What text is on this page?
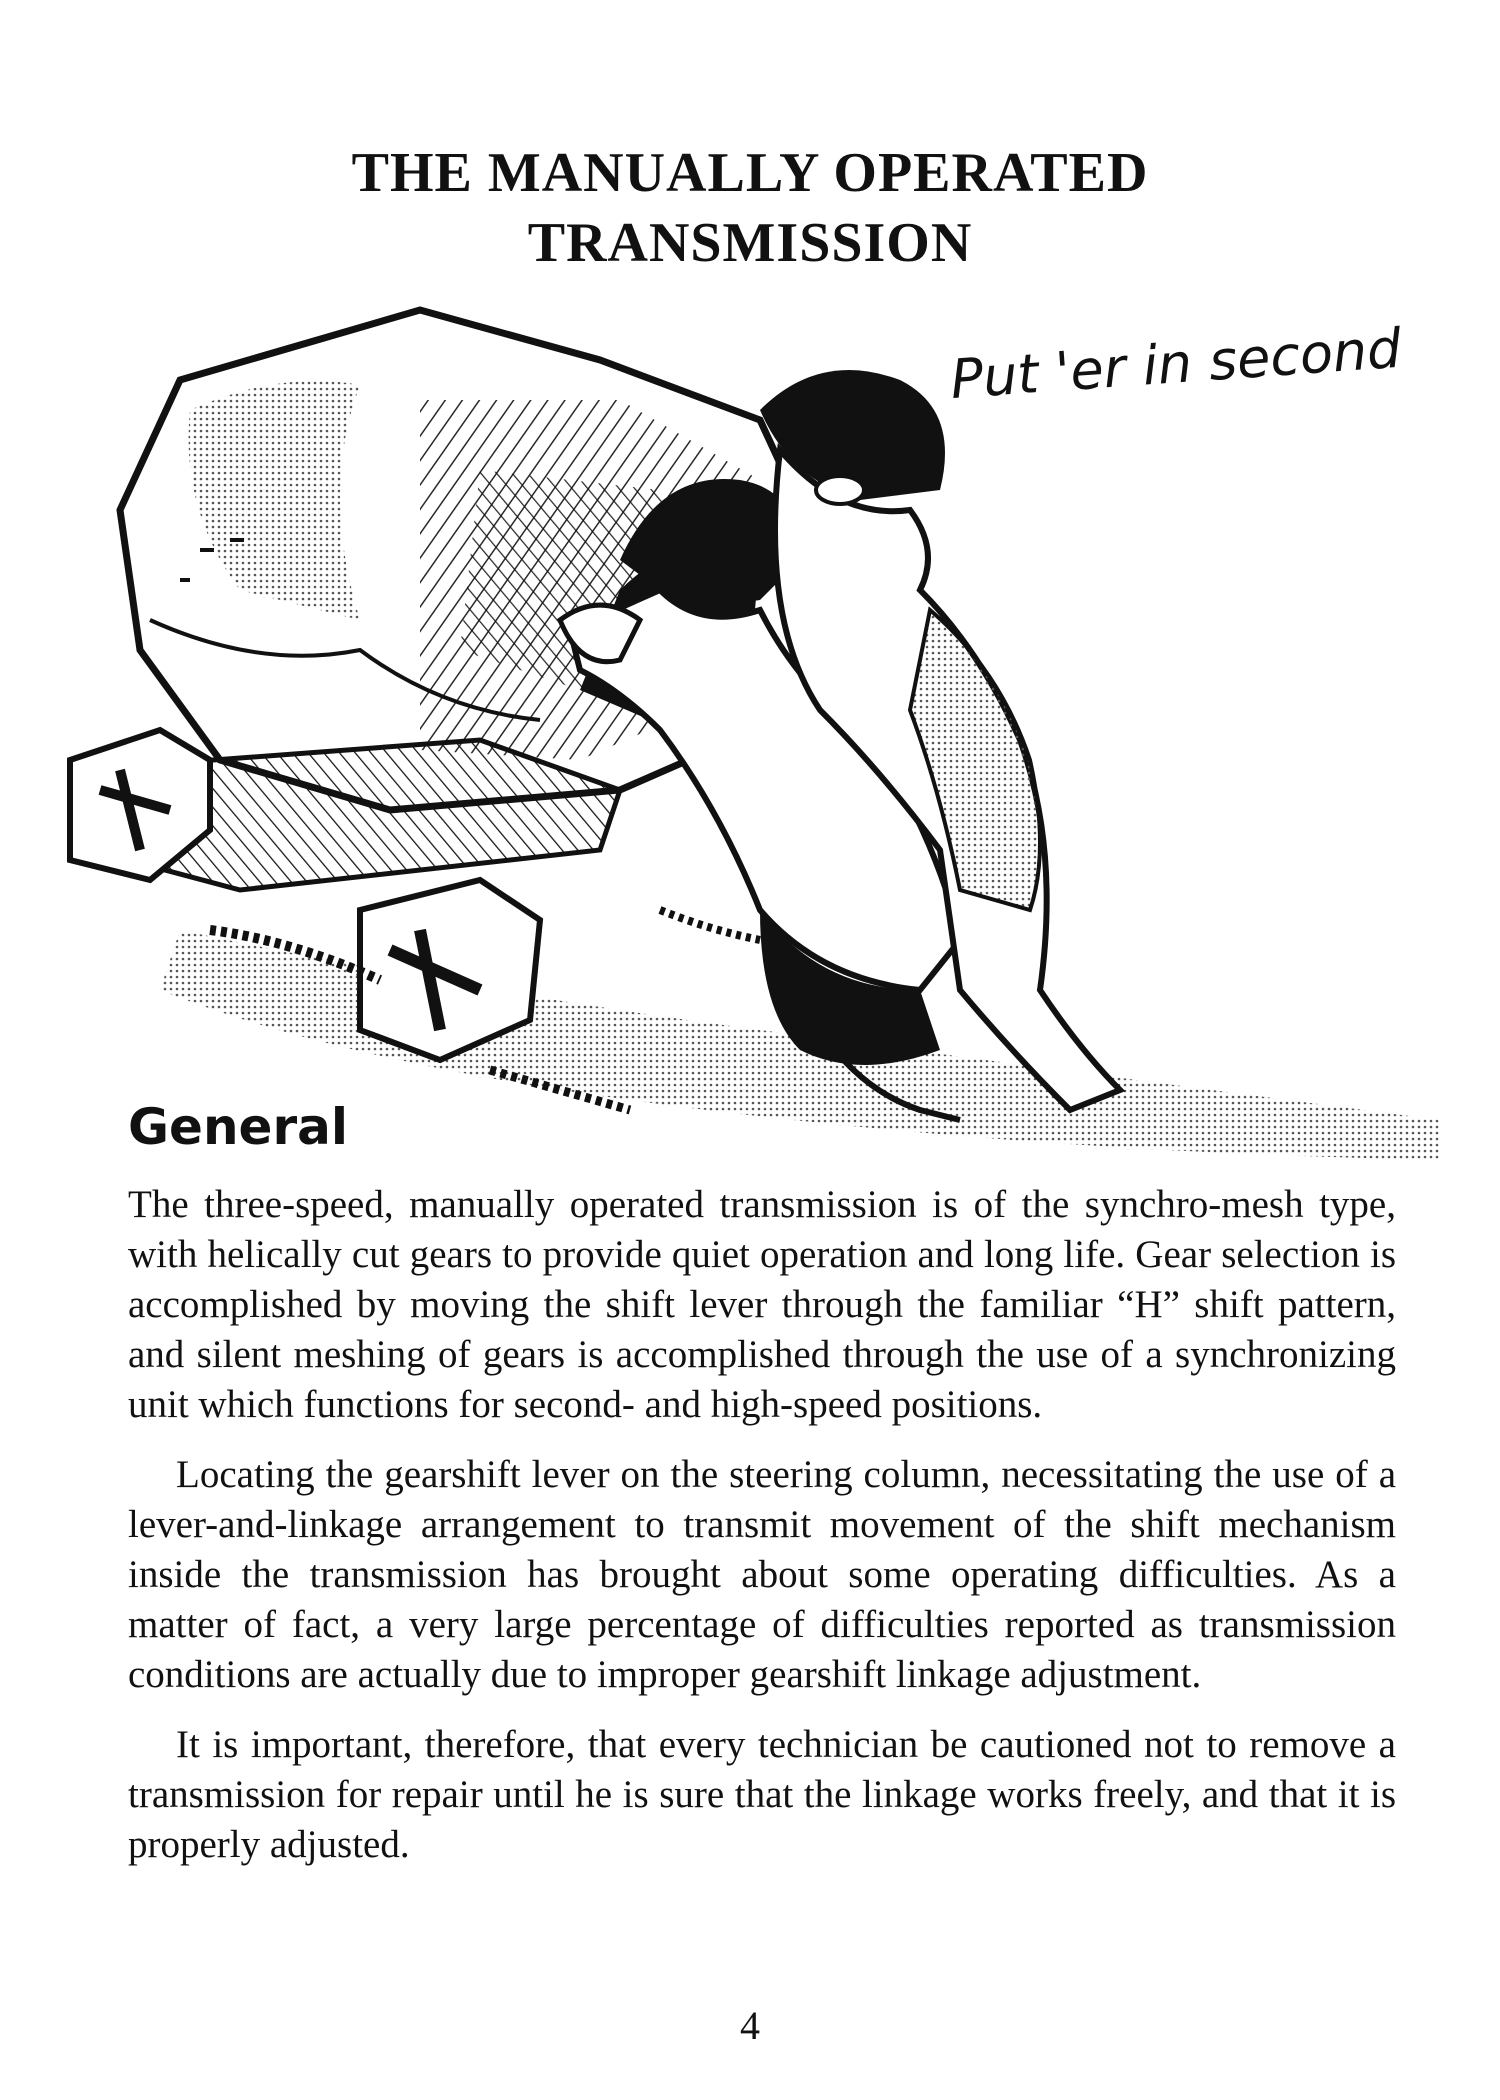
THE MANUALLY OPERATED
TRANSMISSION
Put 'er in second
General

The three-speed, manually operated transmission is of the synchro-mesh type, with helically cut gears to provide quiet operation and long life. Gear selection is accomplished by moving the shift lever through the familiar “H” shift pattern, and silent meshing of gears is accomplished through the use of a synchronizing unit which functions for second- and high-speed positions.

Locating the gearshift lever on the steering column, necessitating the use of a lever-and-linkage arrangement to transmit movement of the shift mechanism inside the transmission has brought about some operating difficulties. As a matter of fact, a very large percentage of difficulties reported as transmission conditions are actually due to improper gearshift linkage adjustment.

It is important, therefore, that every technician be cautioned not to remove a transmission for repair until he is sure that the linkage works freely, and that it is properly adjusted.

4
